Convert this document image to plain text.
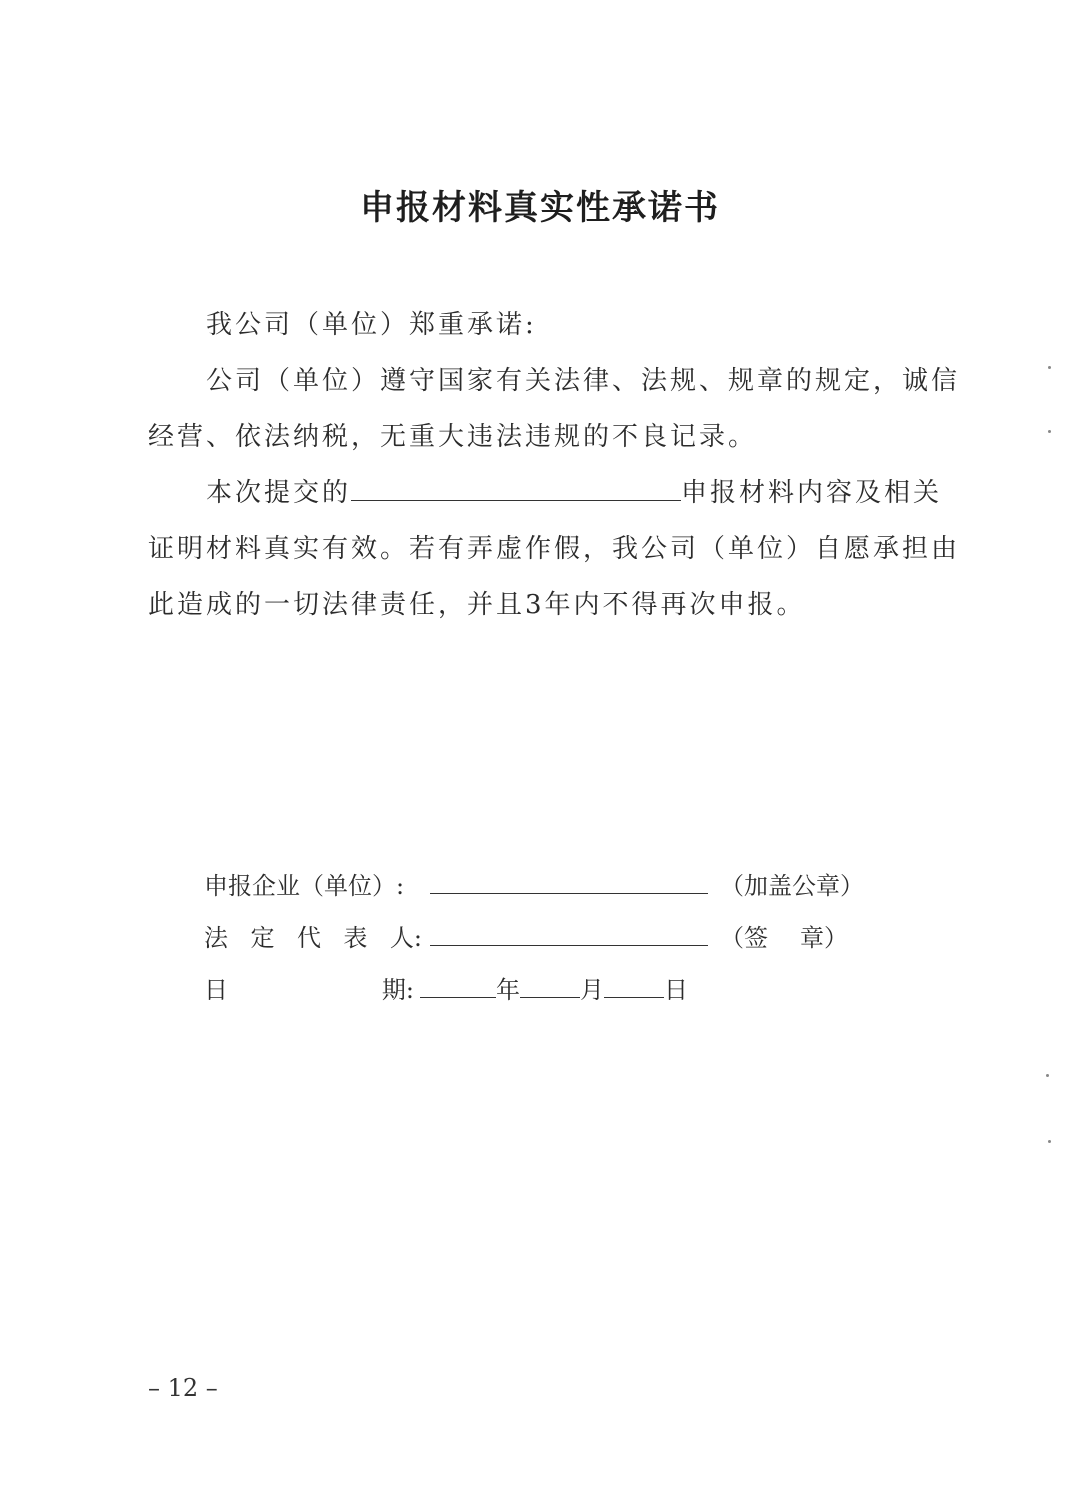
申报材料真实性承诺书
我公司（单位）郑重承诺:
公司（单位）遵守国家有关法律、法规、规章的规定，诚信
经营、依法纳税，无重大违法违规的不良记录。
本次提交的	申报材料内容及相关
证明材料真实有效。若有弄虚作假，我公司（单位）自愿承担由
此造成的一切法律责任，并且3年内不得再次申报。
申报企业（单位）:	（加盖公章）
法 定 代 表 人:	（签 章）
日	期:	年	月	日
– 12 –
